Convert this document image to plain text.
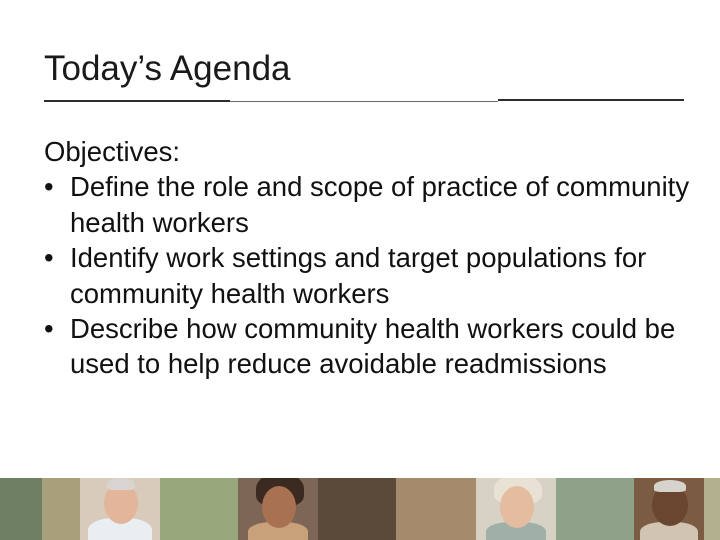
Today’s Agenda
Objectives:
• Define the role and scope of practice of community health workers
• Identify work settings and target populations for community health workers
• Describe how community health workers could be used to help reduce avoidable readmissions
